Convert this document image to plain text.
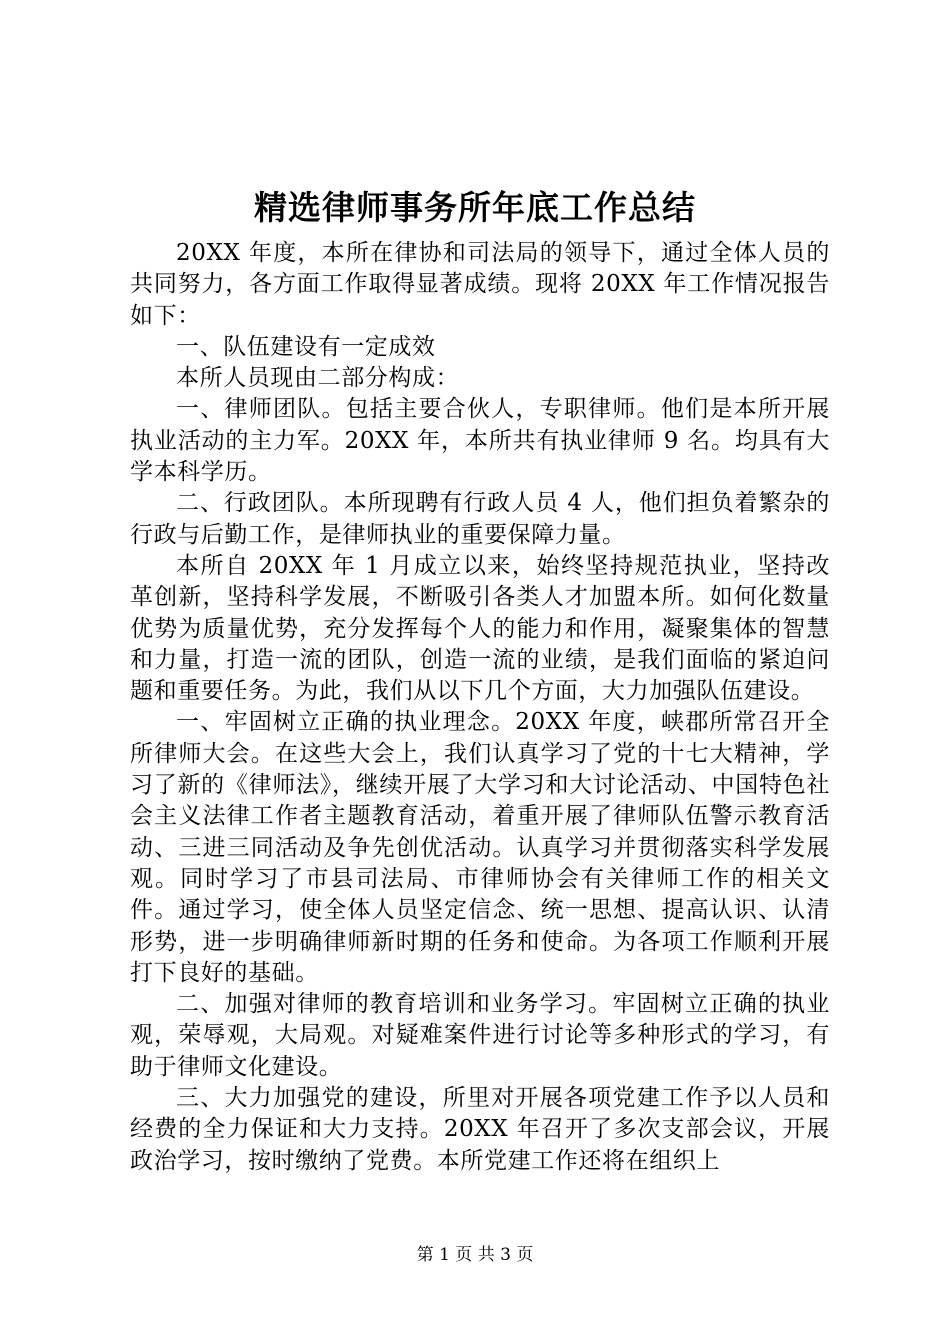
精选律师事务所年底工作总结

20XX 年度，本所在律协和司法局的领导下，通过全体人员的共同努力，各方面工作取得显著成绩。现将 20XX 年工作情况报告如下：

一、队伍建设有一定成效

本所人员现由二部分构成：

一、律师团队。包括主要合伙人，专职律师。他们是本所开展执业活动的主力军。20XX 年，本所共有执业律师 9 名。均具有大学本科学历。

二、行政团队。本所现聘有行政人员 4 人，他们担负着繁杂的行政与后勤工作，是律师执业的重要保障力量。

本所自 20XX 年 1 月成立以来，始终坚持规范执业，坚持改革创新，坚持科学发展，不断吸引各类人才加盟本所。如何化数量优势为质量优势，充分发挥每个人的能力和作用，凝聚集体的智慧和力量，打造一流的团队，创造一流的业绩，是我们面临的紧迫问题和重要任务。为此，我们从以下几个方面，大力加强队伍建设。

一、牢固树立正确的执业理念。20XX 年度，峡郡所常召开全所律师大会。在这些大会上，我们认真学习了党的十七大精神，学习了新的《律师法》，继续开展了大学习和大讨论活动、中国特色社会主义法律工作者主题教育活动，着重开展了律师队伍警示教育活动、三进三同活动及争先创优活动。认真学习并贯彻落实科学发展观。同时学习了市县司法局、市律师协会有关律师工作的相关文件。通过学习，使全体人员坚定信念、统一思想、提高认识、认清形势，进一步明确律师新时期的任务和使命。为各项工作顺利开展打下良好的基础。

二、加强对律师的教育培训和业务学习。牢固树立正确的执业观，荣辱观，大局观。对疑难案件进行讨论等多种形式的学习，有助于律师文化建设。

三、大力加强党的建设，所里对开展各项党建工作予以人员和经费的全力保证和大力支持。20XX 年召开了多次支部会议，开展政治学习，按时缴纳了党费。本所党建工作还将在组织上

第 1 页 共 3 页
